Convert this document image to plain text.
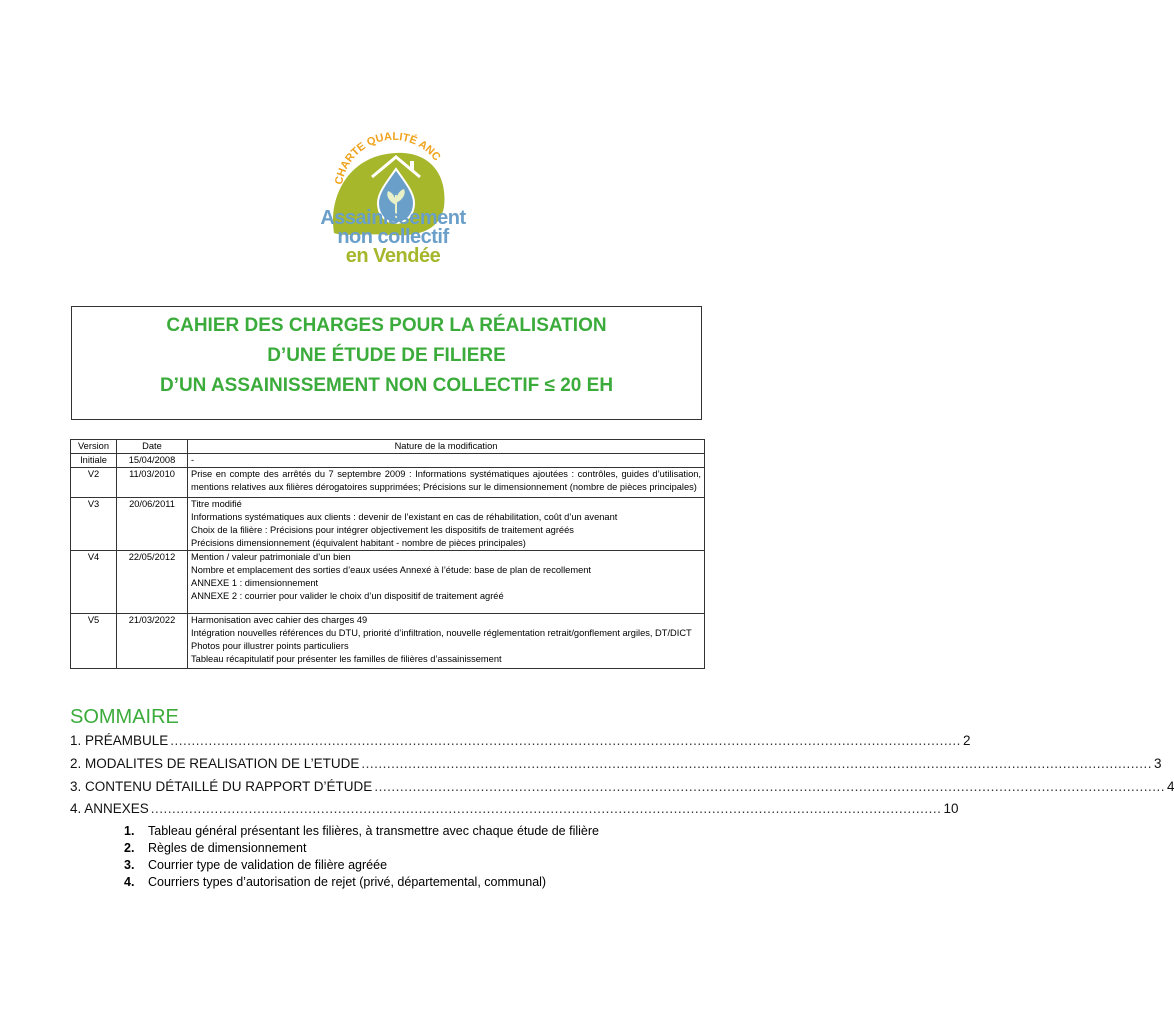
CHARTE QUALITÉ ANC
Assainissement
non collectif
en Vendée
CAHIER DES CHARGES POUR LA RÉALISATION
D’UNE ÉTUDE DE FILIERE
D’UN ASSAINISSEMENT NON COLLECTIF ≤ 20 EH
Version	Date	Nature de la modification
Initiale	15/04/2008	-

V2	11/03/2010	Prise en compte des arrêtés du 7 septembre 2009 : Informations systématiques ajoutées : contrôles, guides d’utilisation, mentions relatives aux filières dérogatoires supprimées; Précisions sur le dimensionnement (nombre de pièces principales)

V3	20/06/2011	Titre modifié

Informations systématiques aux clients : devenir de l’existant en cas de réhabilitation, coût d’un avenant

Choix de la filière : Précisions pour intégrer objectivement les dispositifs de traitement agréés

Précisions dimensionnement (équivalent habitant - nombre de pièces principales)

V4	22/05/2012	Mention / valeur patrimoniale d’un bien

Nombre et emplacement des sorties d’eaux usées Annexé à l’étude: base de plan de recollement

ANNEXE 1 : dimensionnement

ANNEXE 2 : courrier pour valider le choix d’un dispositif de traitement agréé

V5	21/03/2022	Harmonisation avec cahier des charges 49

Intégration nouvelles références du DTU, priorité d’infiltration, nouvelle réglementation retrait/gonflement argiles, DT/DICT

Photos pour illustrer points particuliers

Tableau récapitulatif pour présenter les familles de filières d’assainissement

SOMMAIRE
1. PRÉAMBULE .......................................................................................................................................................................................... 2
2. MODALITES DE REALISATION DE L’ETUDE .......................................................................................................................................................................................... 3
3. CONTENU DÉTAILLÉ DU RAPPORT D’ÉTUDE .......................................................................................................................................................................................... 4
4. ANNEXES .......................................................................................................................................................................................... 10
1.	Tableau général présentant les filières, à transmettre avec chaque étude de filière
2.	Règles de dimensionnement
3.	Courrier type de validation de filière agréée
4.	Courriers types d’autorisation de rejet (privé, départemental, communal)
